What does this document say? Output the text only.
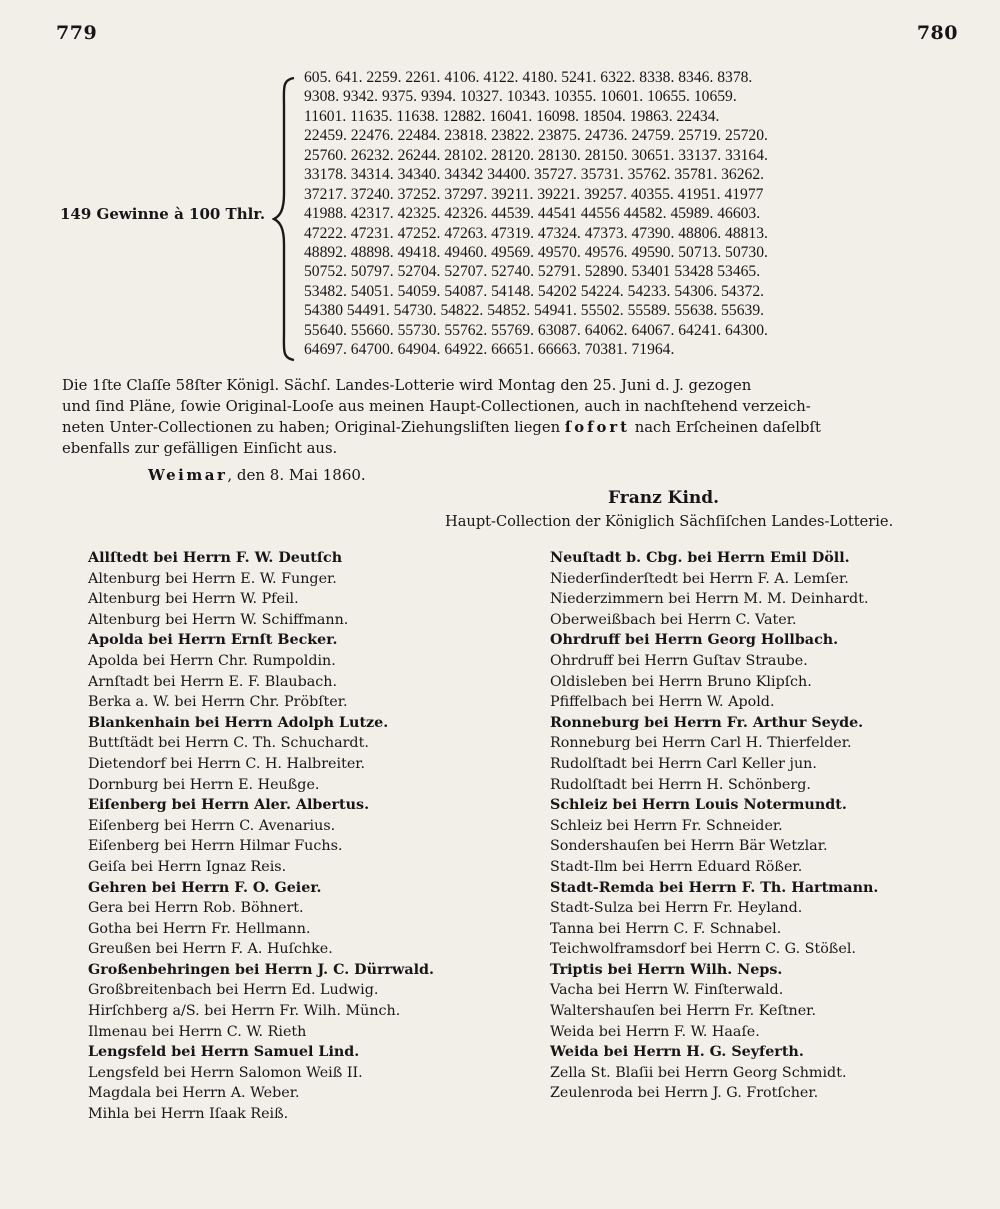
779	780
149 Gewinne à 100 Thlr.
605. 641. 2259. 2261. 4106. 4122. 4180. 5241. 6322. 8338. 8346. 8378.
9308. 9342. 9375. 9394. 10327. 10343. 10355. 10601. 10655. 10659.
11601. 11635. 11638. 12882. 16041. 16098. 18504. 19863. 22434.
22459. 22476. 22484. 23818. 23822. 23875. 24736. 24759. 25719. 25720.
25760. 26232. 26244. 28102. 28120. 28130. 28150. 30651. 33137. 33164.
33178. 34314. 34340. 34342 34400. 35727. 35731. 35762. 35781. 36262.
37217. 37240. 37252. 37297. 39211. 39221. 39257. 40355. 41951. 41977
41988. 42317. 42325. 42326. 44539. 44541 44556 44582. 45989. 46603.
47222. 47231. 47252. 47263. 47319. 47324. 47373. 47390. 48806. 48813.
48892. 48898. 49418. 49460. 49569. 49570. 49576. 49590. 50713. 50730.
50752. 50797. 52704. 52707. 52740. 52791. 52890. 53401 53428 53465.
53482. 54051. 54059. 54087. 54148. 54202 54224. 54233. 54306. 54372.
54380 54491. 54730. 54822. 54852. 54941. 55502. 55589. 55638. 55639.
55640. 55660. 55730. 55762. 55769. 63087. 64062. 64067. 64241. 64300.
64697. 64700. 64904. 64922. 66651. 66663. 70381. 71964.
Die 1ſte Claſſe 58ſter Königl. Sächſ. Landes-Lotterie wird Montag den 25. Juni d. J. gezogen
und ſind Pläne, ſowie Original-Looſe aus meinen Haupt-Collectionen, auch in nachſtehend verzeich-
neten Unter-Collectionen zu haben; Original-Ziehungsliſten liegen ſofort nach Erſcheinen daſelbſt
ebenfalls zur gefälligen Einſicht aus.
Weimar, den 8. Mai 1860.
Franz Kind.
Haupt-Collection der Königlich Sächſiſchen Landes-Lotterie.
Allſtedt bei Herrn F. W. Deutſch
Altenburg bei Herrn E. W. Funger.
Altenburg bei Herrn W. Pfeil.
Altenburg bei Herrn W. Schiffmann.
Apolda bei Herrn Ernſt Becker.
Apolda bei Herrn Chr. Rumpoldin.
Arnſtadt bei Herrn E. F. Blaubach.
Berka a. W. bei Herrn Chr. Pröbſter.
Blankenhain bei Herrn Adolph Lutze.
Buttſtädt bei Herrn C. Th. Schuchardt.
Dietendorf bei Herrn C. H. Halbreiter.
Dornburg bei Herrn E. Heußge.
Eiſenberg bei Herrn Aler. Albertus.
Eiſenberg bei Herrn C. Avenarius.
Eiſenberg bei Herrn Hilmar Fuchs.
Geiſa bei Herrn Ignaz Reis.
Gehren bei Herrn F. O. Geier.
Gera bei Herrn Rob. Böhnert.
Gotha bei Herrn Fr. Hellmann.
Greußen bei Herrn F. A. Huſchke.
Großenbehringen bei Herrn J. C. Dürrwald.
Großbreitenbach bei Herrn Ed. Ludwig.
Hirſchberg a/S. bei Herrn Fr. Wilh. Münch.
Ilmenau bei Herrn C. W. Rieth
Lengsfeld bei Herrn Samuel Lind.
Lengsfeld bei Herrn Salomon Weiß II.
Magdala bei Herrn A. Weber.
Mihla bei Herrn Iſaak Reiß.
Neuſtadt b. Cbg. bei Herrn Emil Döll.
Niederſinderſtedt bei Herrn F. A. Lemſer.
Niederzimmern bei Herrn M. M. Deinhardt.
Oberweißbach bei Herrn C. Vater.
Ohrdruff bei Herrn Georg Hollbach.
Ohrdruff bei Herrn Guſtav Straube.
Oldisleben bei Herrn Bruno Klipſch.
Pfiffelbach bei Herrn W. Apold.
Ronneburg bei Herrn Fr. Arthur Seyde.
Ronneburg bei Herrn Carl H. Thierfelder.
Rudolſtadt bei Herrn Carl Keller jun.
Rudolſtadt bei Herrn H. Schönberg.
Schleiz bei Herrn Louis Notermundt.
Schleiz bei Herrn Fr. Schneider.
Sondershauſen bei Herrn Bär Wetzlar.
Stadt-Ilm bei Herrn Eduard Rößer.
Stadt-Remda bei Herrn F. Th. Hartmann.
Stadt-Sulza bei Herrn Fr. Heyland.
Tanna bei Herrn C. F. Schnabel.
Teichwolframsdorf bei Herrn C. G. Stößel.
Triptis bei Herrn Wilh. Neps.
Vacha bei Herrn W. Finſterwald.
Waltershauſen bei Herrn Fr. Keſtner.
Weida bei Herrn F. W. Haaſe.
Weida bei Herrn H. G. Seyferth.
Zella St. Blaſii bei Herrn Georg Schmidt.
Zeulenroda bei Herrn J. G. Frotſcher.
